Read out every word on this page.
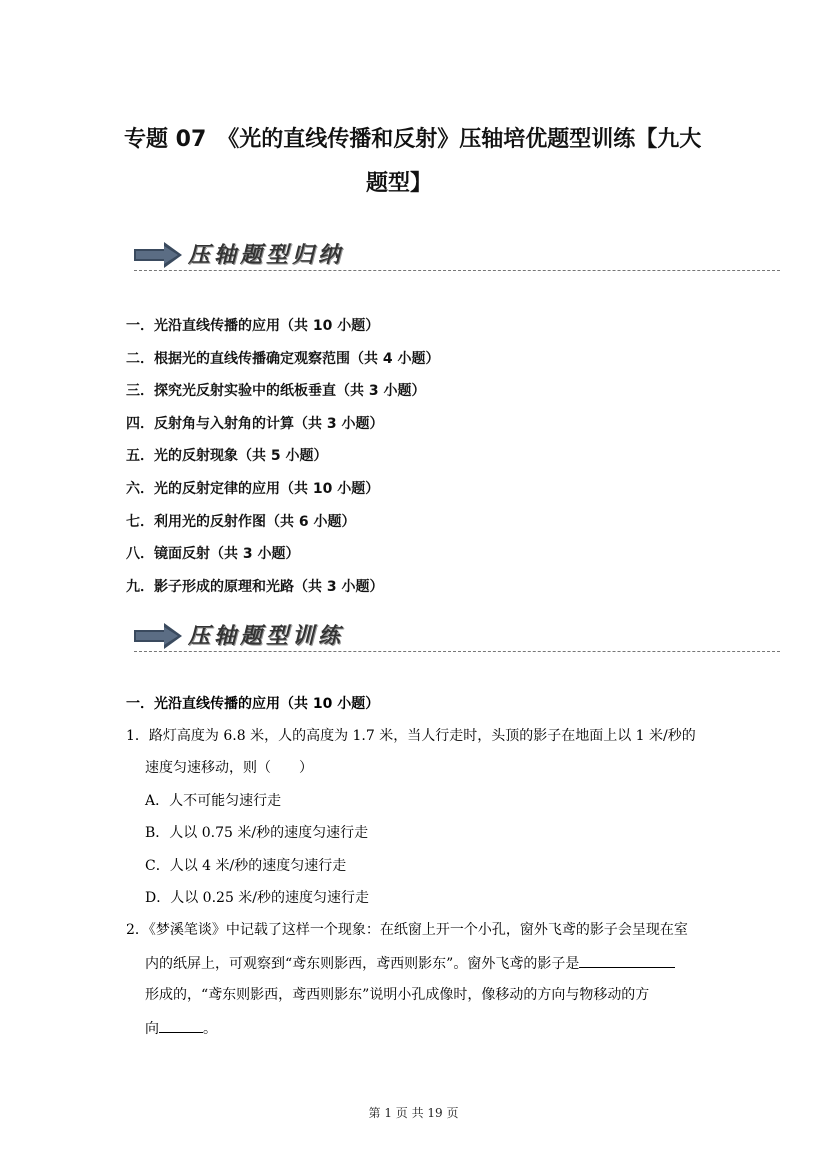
专题 07　《光的直线传播和反射》压轴培优题型训练【九大
题型】
压轴题型归纳
一．光沿直线传播的应用（共 10 小题）
二．根据光的直线传播确定观察范围（共 4 小题）
三．探究光反射实验中的纸板垂直（共 3 小题）
四．反射角与入射角的计算（共 3 小题）
五．光的反射现象（共 5 小题）
六．光的反射定律的应用（共 10 小题）
七．利用光的反射作图（共 6 小题）
八．镜面反射（共 3 小题）
九．影子形成的原理和光路（共 3 小题）
压轴题型训练
一．光沿直线传播的应用（共 10 小题）
1．路灯高度为 6.8 米，人的高度为 1.7 米，当人行走时，头顶的影子在地面上以 1 米/秒的
速度匀速移动，则（　　）
A．人不可能匀速行走
B．人以 0.75 米/秒的速度匀速行走
C．人以 4 米/秒的速度匀速行走
D．人以 0.25 米/秒的速度匀速行走
2．《梦溪笔谈》中记载了这样一个现象：在纸窗上开一个小孔，窗外飞鸢的影子会呈现在室
内的纸屏上，可观察到“鸢东则影西，鸢西则影东”。窗外飞鸢的影子是
形成的，“鸢东则影西，鸢西则影东”说明小孔成像时，像移动的方向与物移动的方
向	。
第 1 页 共 19 页
